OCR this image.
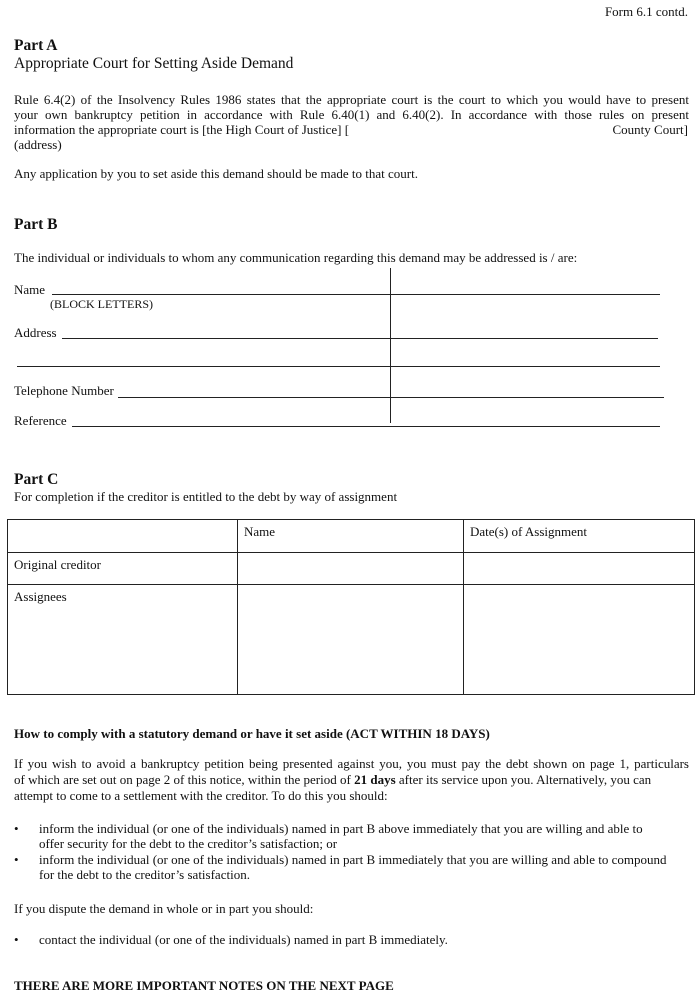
Form 6.1 contd.
Part A
Appropriate Court for Setting Aside Demand
Rule 6.4(2) of the Insolvency Rules 1986 states that the appropriate court is the court to which you would have to present
your own bankruptcy petition in accordance with Rule 6.40(1) and 6.40(2). In accordance with those rules on present
information the appropriate court is [the High Court of Justice] [	County Court]
(address)
Any application by you to set aside this demand should be made to that court.
Part B
The individual or individuals to whom any communication regarding this demand may be addressed is / are:
Name
(BLOCK LETTERS)
Address
Telephone Number
Reference
Part C
For completion if the creditor is entitled to the debt by way of assignment
	Name	Date(s) of Assignment
Original creditor		
Assignees		
How to comply with a statutory demand or have it set aside (ACT WITHIN 18 DAYS)
If you wish to avoid a bankruptcy petition being presented against you, you must pay the debt shown on page 1, particulars
of which are set out on page 2 of this notice, within the period of 21 days after its service upon you. Alternatively, you can
attempt to come to a settlement with the creditor. To do this you should:
• inform the individual (or one of the individuals) named in part B above immediately that you are willing and able to
offer security for the debt to the creditor’s satisfaction; or
• inform the individual (or one of the individuals) named in part B immediately that you are willing and able to compound
for the debt to the creditor’s satisfaction.
If you dispute the demand in whole or in part you should:
• contact the individual (or one of the individuals) named in part B immediately.
THERE ARE MORE IMPORTANT NOTES ON THE NEXT PAGE
